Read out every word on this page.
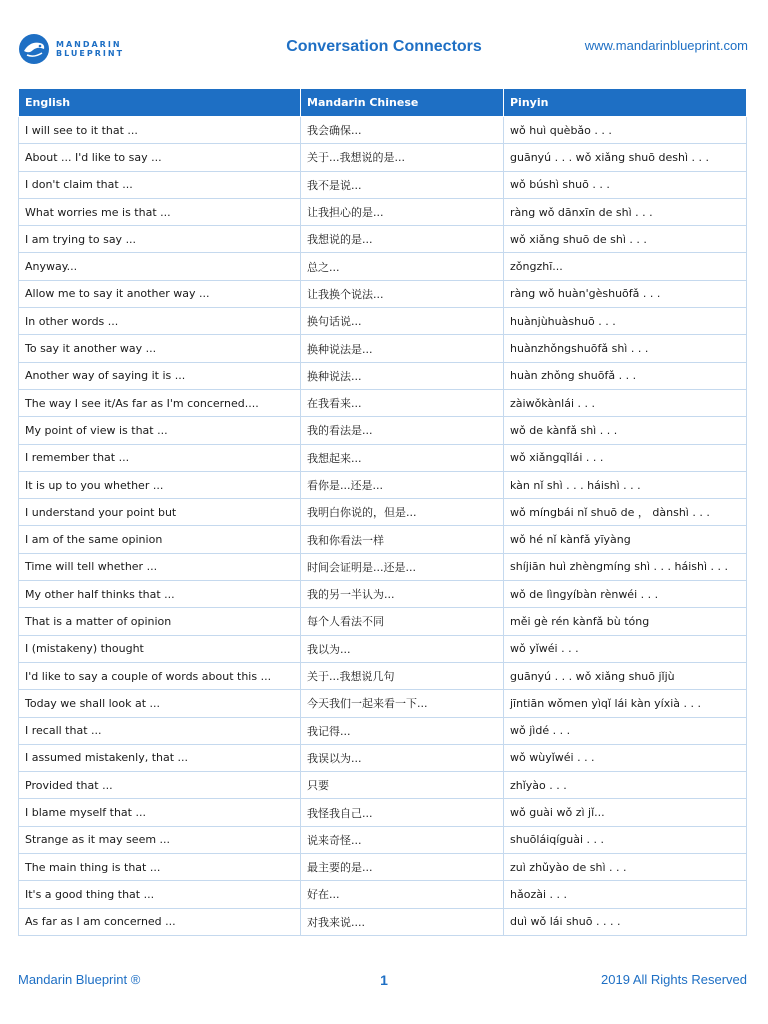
MANDARIN
BLUEPRINT	Conversation Connectors	www.mandarinblueprint.com
English	Mandarin Chinese	Pinyin
I will see to it that ...	我会确保...	wǒ huì quèbǎo . . .
About ... I'd like to say ...	关于...我想说的是...	guānyú . . . wǒ xiǎng shuō deshì . . .
I don't claim that ...	我不是说...	wǒ búshì shuō . . .
What worries me is that ...	让我担心的是...	ràng wǒ dānxīn de shì . . .
I am trying to say ...	我想说的是...	wǒ xiǎng shuō de shì . . .
Anyway...	总之...	zǒngzhī...
Allow me to say it another way ...	让我换个说法...	ràng wǒ huàn'gèshuōfǎ . . .
In other words ...	换句话说...	huànjùhuàshuō . . .
To say it another way ...	换种说法是...	huànzhǒngshuōfǎ shì . . .
Another way of saying it is ...	换种说法...	huàn zhǒng shuōfǎ . . .
The way I see it/As far as I'm concerned....	在我看来...	zàiwǒkànlái . . .
My point of view is that ...	我的看法是...	wǒ de kànfǎ shì . . .
I remember that ...	我想起来...	wǒ xiǎngqǐlái . . .
It is up to you whether ...	看你是...还是...	kàn nǐ shì . . . háishì . . .
I understand your point but	我明白你说的，但是...	wǒ míngbái nǐ shuō de ， dànshì . . .
I am of the same opinion	我和你看法一样	wǒ hé nǐ kànfǎ yīyàng
Time will tell whether ...	时间会证明是...还是...	shíjiān huì zhèngmíng shì . . . háishì . . .
My other half thinks that ...	我的另一半认为...	wǒ de lìngyíbàn rènwéi . . .
That is a matter of opinion	每个人看法不同	měi gè rén kànfǎ bù tóng
I (mistakeny) thought	我以为...	wǒ yǐwéi . . .
I'd like to say a couple of words about this ...	关于...我想说几句	guānyú . . . wǒ xiǎng shuō jǐjù
Today we shall look at ...	今天我们一起来看一下...	jīntiān wǒmen yìqǐ lái kàn yíxià . . .
I recall that ...	我记得...	wǒ jìdé . . .
I assumed mistakenly, that ...	我误以为...	wǒ wùyǐwéi . . .
Provided that ...	只要	zhǐyào . . .
I blame myself that ...	我怪我自己...	wǒ guài wǒ zì jǐ...
Strange as it may seem ...	说来奇怪...	shuōláiqíguài . . .
The main thing is that ...	最主要的是...	zuì zhǔyào de shì . . .
It's a good thing that ...	好在...	hǎozài . . .
As far as I am concerned ...	对我来说....	duì wǒ lái shuō . . . .
Mandarin Blueprint ®	1	2019 All Rights Reserved
